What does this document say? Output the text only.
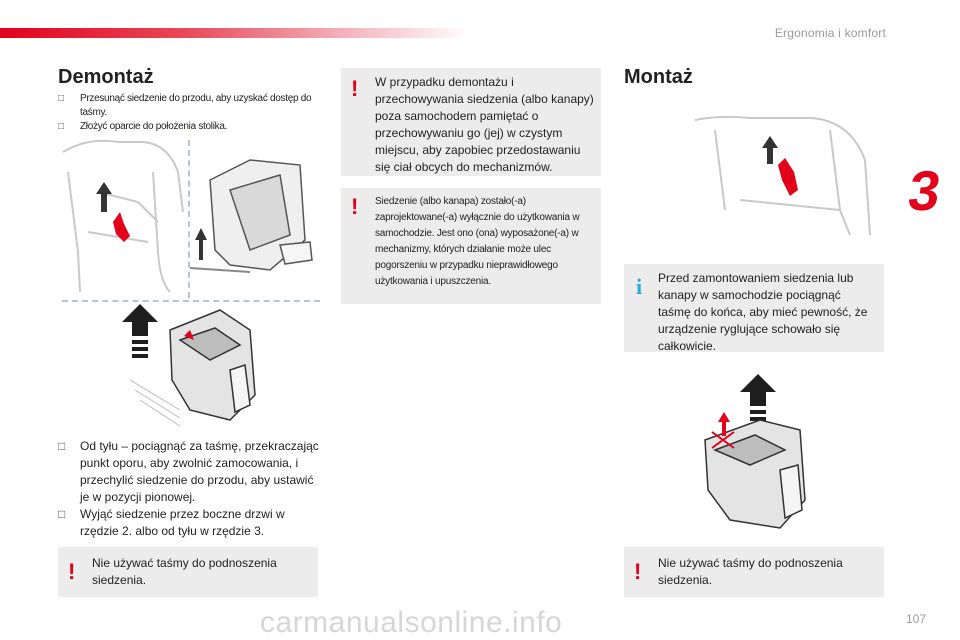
Ergonomia i komfort
3
107
carmanualsonline.info
Demontaż
□ Przesunąć siedzenie do przodu, aby uzyskać dostęp do taśmy.
□ Złożyć oparcie do położenia stolika.
□ Od tyłu – pociągnąć za taśmę, przekraczając punkt oporu, aby zwolnić zamocowania, i przechylić siedzenie do przodu, aby ustawić je w pozycji pionowej.
□ Wyjąć siedzenie przez boczne drzwi w rzędzie 2. albo od tyłu w rzędzie 3.
! Nie używać taśmy do podnoszenia siedzenia.
! W przypadku demontażu i przechowywania siedzenia (albo kanapy) poza samochodem pamiętać o przechowywaniu go (jej) w czystym miejscu, aby zapobiec przedostawaniu się ciał obcych do mechanizmów.
! Siedzenie (albo kanapa) zostało(-a) zaprojektowane(-a) wyłącznie do użytkowania w samochodzie. Jest ono (ona) wyposażone(-a) w mechanizmy, których działanie może ulec pogorszeniu w przypadku nieprawidłowego użytkowania i upuszczenia.
Montaż
i Przed zamontowaniem siedzenia lub kanapy w samochodzie pociągnąć taśmę do końca, aby mieć pewność, że urządzenie ryglujące schowało się całkowicie.
! Nie używać taśmy do podnoszenia siedzenia.
